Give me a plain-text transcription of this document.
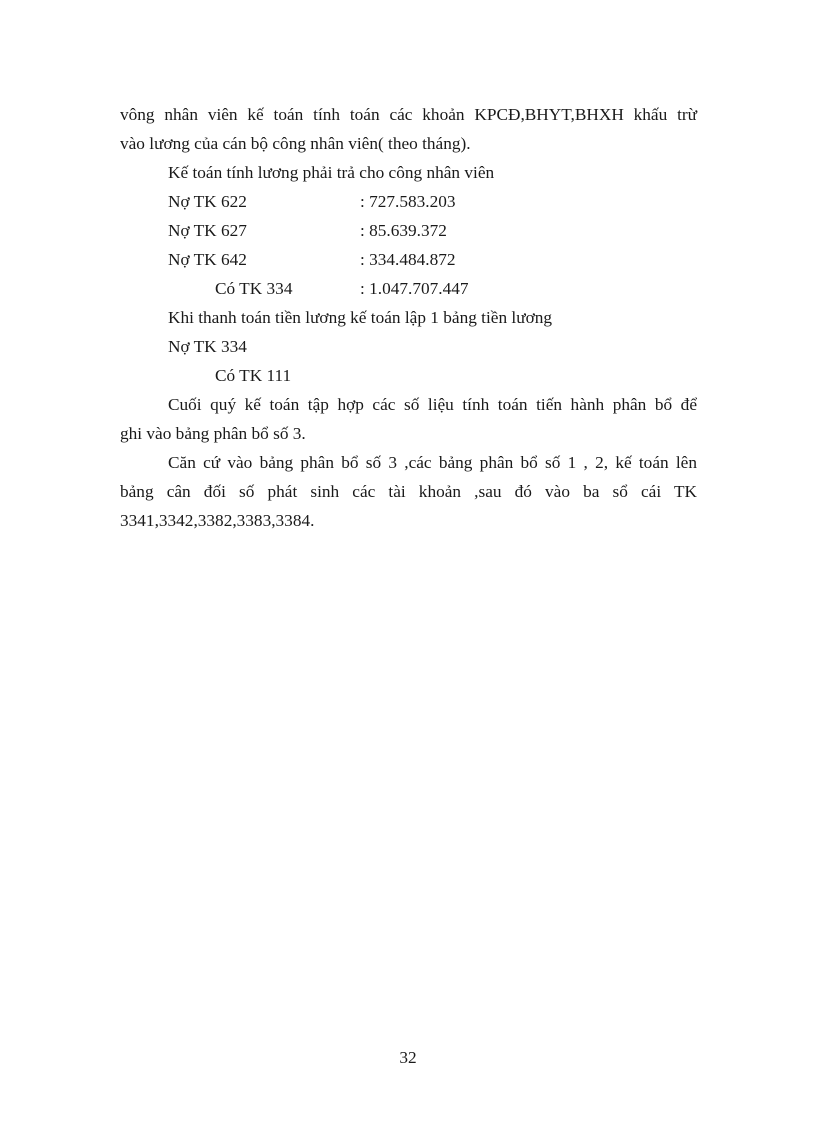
vông nhân viên kế toán tính toán các khoản KPCĐ,BHYT,BHXH khấu trừ
vào lương của cán bộ công nhân viên( theo tháng).
Kế toán tính lương phải trả cho công nhân viên
Nợ TK 622	: 727.583.203
Nợ TK 627	: 85.639.372
Nợ TK 642	: 334.484.872
Có TK 334	: 1.047.707.447
Khi thanh toán tiền lương kế toán lập 1 bảng tiền lương
Nợ TK 334
Có TK 111
Cuối quý kế toán tập hợp các số liệu tính toán tiến hành phân bổ để
ghi vào bảng phân bổ số 3.
Căn cứ vào bảng phân bổ số 3 ,các bảng phân bổ số 1 , 2, kế toán lên
bảng cân đối số phát sinh các tài khoản ,sau đó vào ba sổ cái TK
3341,3342,3382,3383,3384.
32
